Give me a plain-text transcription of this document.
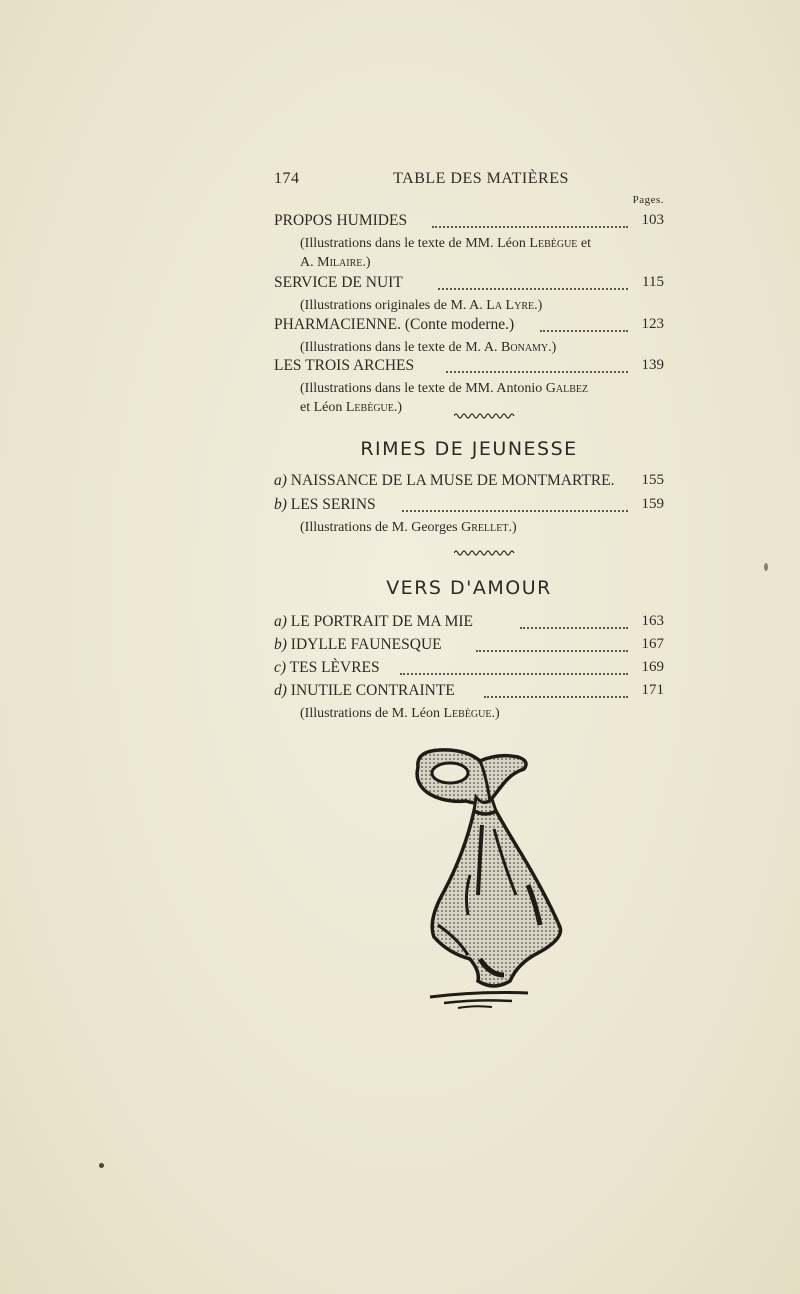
174	TABLE DES MATIÈRES
Pages.
PROPOS HUMIDES	103
(Illustrations dans le texte de MM. Léon Lebègue et
A. Milaire.)
SERVICE DE NUIT	115
(Illustrations originales de M. A. La Lyre.)
PHARMACIENNE. (Conte moderne.)	123
(Illustrations dans le texte de M. A. Bonamy.)
LES TROIS ARCHES	139
(Illustrations dans le texte de MM. Antonio Galbez
et Léon Lebègue.)
RIMES DE JEUNESSE
a) NAISSANCE DE LA MUSE DE MONTMARTRE. 155
b) LES SERINS	159
(Illustrations de M. Georges Grellet.)
VERS D'AMOUR
a) LE PORTRAIT DE MA MIE	163
b) IDYLLE FAUNESQUE	167
c) TES LÈVRES	169
d) INUTILE CONTRAINTE	171
(Illustrations de M. Léon Lebègue.)
